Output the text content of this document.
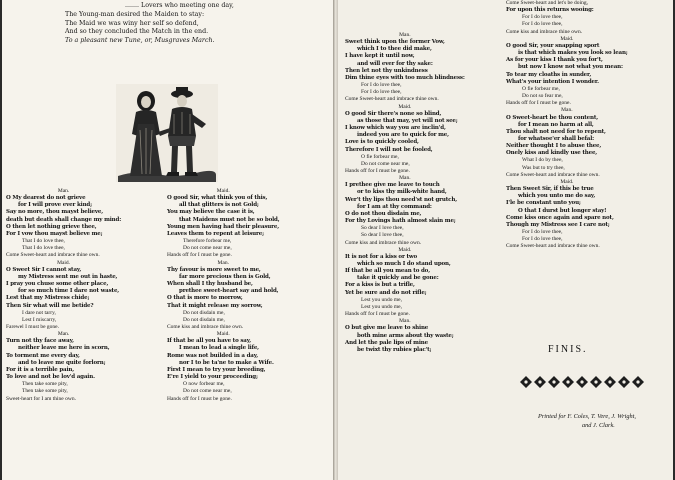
....... Lovers who meeting one day,
The Young-man desired the Maiden to stay:
The Maid we was winy her self so defend,
And so they concluded the Match in the end.
To a pleasant new Tune, or, Musgraves March.
Man.
O My dearest do not grieve
for I will prove ever kind;
Say no more, thou mayst believe,
death but death shall change my mind:
O then let nothing grieve thee,
For I vow thou mayst believe me;
That I do love thee,
That I do love thee,
Come Sweet-heart and imbrace thine own.
Maid.
O Sweet Sir I cannot stay,
my Mistress sent me out in haste,
I pray you chuse some other place,
for so much time I dare not waste,
Lest that my Mistress chide;
Then Sir what will me betide?
I dare not tarry,
Lest I miscarry,
Farewel I must be gone.
Man.
Turn not thy face away,
neither leave me here in scorn,
To torment me every day,
and to leave me quite forlorn;
For it is a terrible pain,
To love and not be lov'd again.
Then take some pity,
Then take some pity,
Sweet-heart for I am thine own.
Maid.
O good Sir, what think you of this,
all that glitters is not Gold;
You may believe the case it is,
that Maidens must not be so bold,
Young men having had their pleasure,
Leaves them to repent at leisure;
Therefore forbear me,
Do not come near me,
Hands off for I must be gone.
Man.
Thy favour is more sweet to me,
far more precious then is Gold,
When shall I thy husband be,
prethee sweet-heart say and hold,
O that is more to morrow,
That it might release my sorrow,
Do not disdain me,
Do not disdain me,
Come kiss and imbrace thine own.
Maid.
If that be all you have to say,
I mean to lead a single life,
Rome was not builded in a day,
nor I to be ta'ne to make a Wife.
First I mean to try your breeding,
E're I yield to your proceeding;
O now forbear me,
Do not come near me,
Hands off for I must be gone.
Man.
Sweet think upon the former Vow,
which I to thee did make,
I have kept it until now,
and will ever for thy sake:
Then let not thy unkindness
Dim thine eyes with too much blindness:
For I do love thee,
For I do love thee,
Come Sweet-heart and imbrace thine own.
Maid.
O good Sir there's none so blind,
as those that may, yet will not see;
I know which way you are inclin'd,
indeed you are to quick for me,
Love is to quickly cooled,
Therefore I will not be fooled,
O fie forbear me,
Do not come near me,
Hands off for I must be gone.
Man.
I prethee give me leave to touch
or to kiss thy milk-white hand,
Wer't thy lips thou need'st not grutch,
for I am at thy command:
O do not thou disdain me,
For thy Lovings hath almost slain me;
So dear I love thee,
So dear I love thee,
Come kiss and imbrace thine own.
Maid.
It is not for a kiss or two
which so much I do stand upon,
If that be all you mean to do,
take it quickly and be gone:
For a kiss is but a trifle,
Yet be sure and do not rifle;
Lest you undo me,
Lest you undo me,
Hands off for I must be gone.
Man.
O but give me leave to shine
both mine arms about thy waste;
And let the pale lips of mine
be twixt thy rubies plac't;
Come Sweet-heart and let's be doing,
For upon this returns wooing:
For I do love thee,
For I do love thee,
Come kiss and imbrace thine own.
Maid.
O good Sir, your snapping sport
is that which makes you look so lean;
As for your kiss I thank you for't,
but now I know not what you mean:
To tear my cloaths in sunder,
What's your intention I wonder.
O fie forbear me,
Do not so fear me,
Hands off for I must be gone.
Man.
O Sweet-heart be thou content,
for I mean no harm at all,
Thou shalt not need for to repent,
for whatsoe'er shall befal:
Neither thought I to abuse thee,
Onely kiss and kindly use thee,
What I do by thee,
Was but to try thee,
Come Sweet-heart and imbrace thine own.
Maid.
Then Sweet Sir, if this be true
which you unto me do say,
I'le be constant unto you;
O that I durst but longer stay!
Come kiss once again and spare not,
Though my Mistress see I care not;
For I do love thee,
For I do love thee,
Come Sweet-heart and imbrace thine own.
FINIS.
Printed for F. Coles, T. Vere, J. Wright,
and J. Clark.
